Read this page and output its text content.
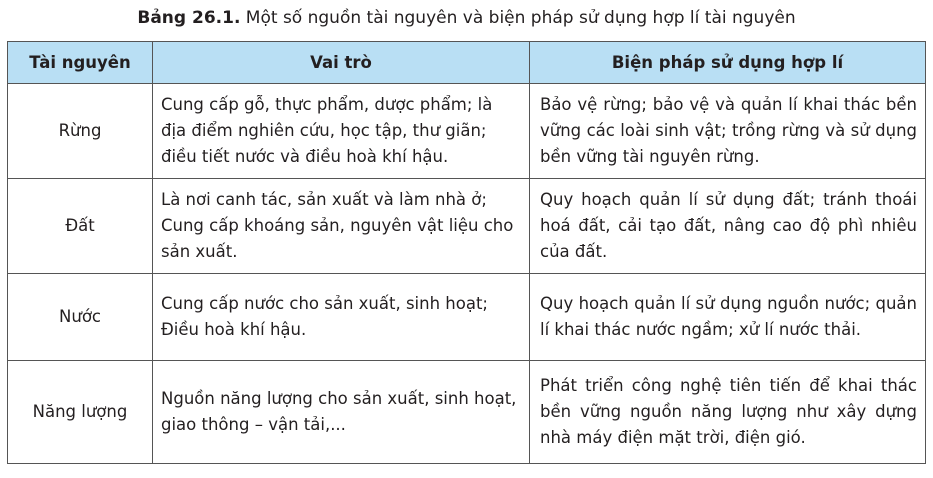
Bảng 26.1. Một số nguồn tài nguyên và biện pháp sử dụng hợp lí tài nguyên
Tài nguyên	Vai trò	Biện pháp sử dụng hợp lí
Rừng	Cung cấp gỗ, thực phẩm, dược phẩm; là địa điểm nghiên cứu, học tập, thư giãn; điều tiết nước và điều hoà khí hậu.	Bảo vệ rừng; bảo vệ và quản lí khai thác bền vững các loài sinh vật; trồng rừng và sử dụng bền vững tài nguyên rừng.
Đất	Là nơi canh tác, sản xuất và làm nhà ở; Cung cấp khoáng sản, nguyên vật liệu cho sản xuất.	Quy hoạch quản lí sử dụng đất; tránh thoái hoá đất, cải tạo đất, nâng cao độ phì nhiêu của đất.
Nước	Cung cấp nước cho sản xuất, sinh hoạt; Điều hoà khí hậu.	Quy hoạch quản lí sử dụng nguồn nước; quản lí khai thác nước ngầm; xử lí nước thải.
Năng lượng	Nguồn năng lượng cho sản xuất, sinh hoạt, giao thông – vận tải,...	Phát triển công nghệ tiên tiến để khai thác bền vững nguồn năng lượng như xây dựng nhà máy điện mặt trời, điện gió.
